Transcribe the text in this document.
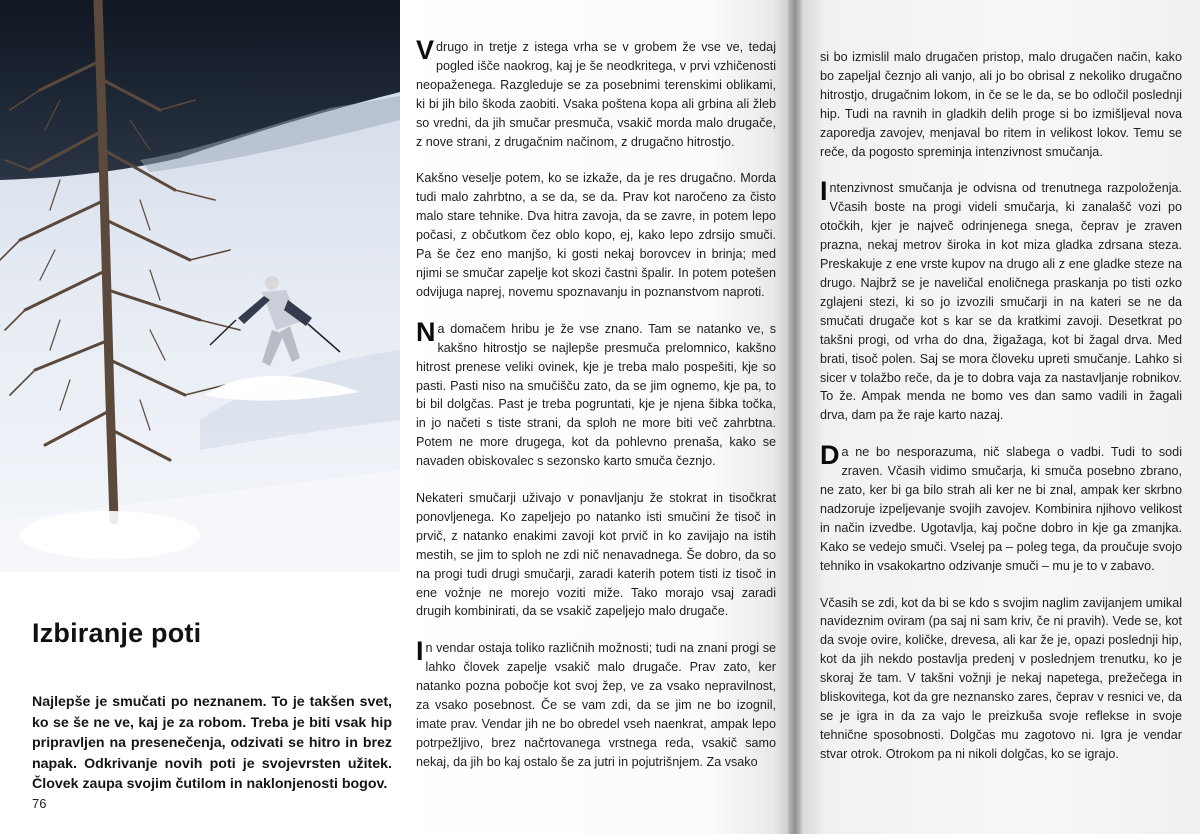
Izbiranje poti

Najlepše je smučati po neznanem. To je takšen svet, ko se še ne ve, kaj je za robom. Treba je biti vsak hip pripravljen na presenečenja, odzivati se hitro in brez napak. Odkrivanje novih poti je svojevrsten užitek. Človek zaupa svojim čutilom in naklonjenosti bogov.

76

Vdrugo in tretje z istega vrha se v grobem že vse ve, tedaj pogled išče naokrog, kaj je še neodkritega, v prvi vzhičenosti neopaženega. Razgleduje se za posebnimi terenskimi oblikami, ki bi jih bilo škoda zaobiti. Vsaka poštena kopa ali grbina ali žleb so vredni, da jih smučar presmuča, vsakič morda malo drugače, z nove strani, z drugačnim načinom, z drugačno hitrostjo.

Kakšno veselje potem, ko se izkaže, da je res drugačno. Morda tudi malo zahrbtno, a se da, se da. Prav kot naročeno za čisto malo stare tehnike. Dva hitra zavoja, da se zavre, in potem lepo počasi, z občutkom čez oblo kopo, ej, kako lepo zdrsijo smuči. Pa še čez eno manjšo, ki gosti nekaj borovcev in brinja; med njimi se smučar zapelje kot skozi častni špalir. In potem potešen odvijuga naprej, novemu spoznavanju in poznanstvom naproti.

Na domačem hribu je že vse znano. Tam se natanko ve, s kakšno hitrostjo se najlepše presmuča prelomnico, kakšno hitrost prenese veliki ovinek, kje je treba malo pospešiti, kje so pasti. Pasti niso na smučišču zato, da se jim ognemo, kje pa, to bi bil dolgčas. Past je treba pogruntati, kje je njena šibka točka, in jo načeti s tiste strani, da sploh ne more biti več zahrbtna. Potem ne more drugega, kot da pohlevno prenaša, kako se navaden obiskovalec s sezonsko karto smuča čeznjo.

Nekateri smučarji uživajo v ponavljanju že stokrat in tisočkrat ponovljenega. Ko zapeljejo po natanko isti smučini že tisoč in prvič, z natanko enakimi zavoji kot prvič in ko zavijajo na istih mestih, se jim to sploh ne zdi nič nenavadnega. Še dobro, da so na progi tudi drugi smučarji, zaradi katerih potem tisti iz tisoč in ene vožnje ne morejo voziti miže. Tako morajo vsaj zaradi drugih kombinirati, da se vsakič zapeljejo malo drugače.

In vendar ostaja toliko različnih možnosti; tudi na znani progi se lahko človek zapelje vsakič malo drugače. Prav zato, ker natanko pozna pobočje kot svoj žep, ve za vsako nepravilnost, za vsako posebnost. Če se vam zdi, da se jim ne bo izognil, imate prav. Vendar jih ne bo obredel vseh naenkrat, ampak lepo potrpežljivo, brez načrtovanega vrstnega reda, vsakič samo nekaj, da jih bo kaj ostalo še za jutri in pojutrišnjem. Za vsako

si bo izmislil malo drugačen pristop, malo drugačen način, kako bo zapeljal čeznjo ali vanjo, ali jo bo obrisal z nekoliko drugačno hitrostjo, drugačnim lokom, in če se le da, se bo odločil poslednji hip. Tudi na ravnih in gladkih delih proge si bo izmišljeval nova zaporedja zavojev, menjaval bo ritem in velikost lokov. Temu se reče, da pogosto spreminja intenzivnost smučanja.

Intenzivnost smučanja je odvisna od trenutnega razpoloženja. Včasih boste na progi videli smučarja, ki zanalašč vozi po otočkih, kjer je največ odrinjenega snega, čeprav je zraven prazna, nekaj metrov široka in kot miza gladka zdrsana steza. Preskakuje z ene vrste kupov na drugo ali z ene gladke steze na drugo. Najbrž se je naveličal enoličnega praskanja po tisti ozko zglajeni stezi, ki so jo izvozili smučarji in na kateri se ne da smučati drugače kot s kar se da kratkimi zavoji. Desetkrat po takšni progi, od vrha do dna, žigažaga, kot bi žagal drva. Med brati, tisoč polen. Saj se mora človeku upreti smučanje. Lahko si sicer v tolažbo reče, da je to dobra vaja za nastavljanje robnikov. To že. Ampak menda ne bomo ves dan samo vadili in žagali drva, dam pa že raje karto nazaj.

Da ne bo nesporazuma, nič slabega o vadbi. Tudi to sodi zraven. Včasih vidimo smučarja, ki smuča posebno zbrano, ne zato, ker bi ga bilo strah ali ker ne bi znal, ampak ker skrbno nadzoruje izpeljevanje svojih zavojev. Kombinira njihovo velikost in način izvedbe. Ugotavlja, kaj počne dobro in kje ga zmanjka. Kako se vedejo smuči. Vselej pa – poleg tega, da proučuje svojo tehniko in vsakokartno odzivanje smuči – mu je to v zabavo.

Včasih se zdi, kot da bi se kdo s svojim naglim zavijanjem umikal navideznim oviram (pa saj ni sam kriv, če ni pravih). Vede se, kot da svoje ovire, količke, drevesa, ali kar že je, opazi poslednji hip, kot da jih nekdo postavlja predenj v poslednjem trenutku, ko je skoraj že tam. V takšni vožnji je nekaj napetega, prežečega in bliskovitega, kot da gre neznansko zares, čeprav v resnici ve, da se je igra in da za vajo le preizkuša svoje reflekse in svoje tehnične sposobnosti. Dolgčas mu zagotovo ni. Igra je vendar stvar otrok. Otrokom pa ni nikoli dolgčas, ko se igrajo.
